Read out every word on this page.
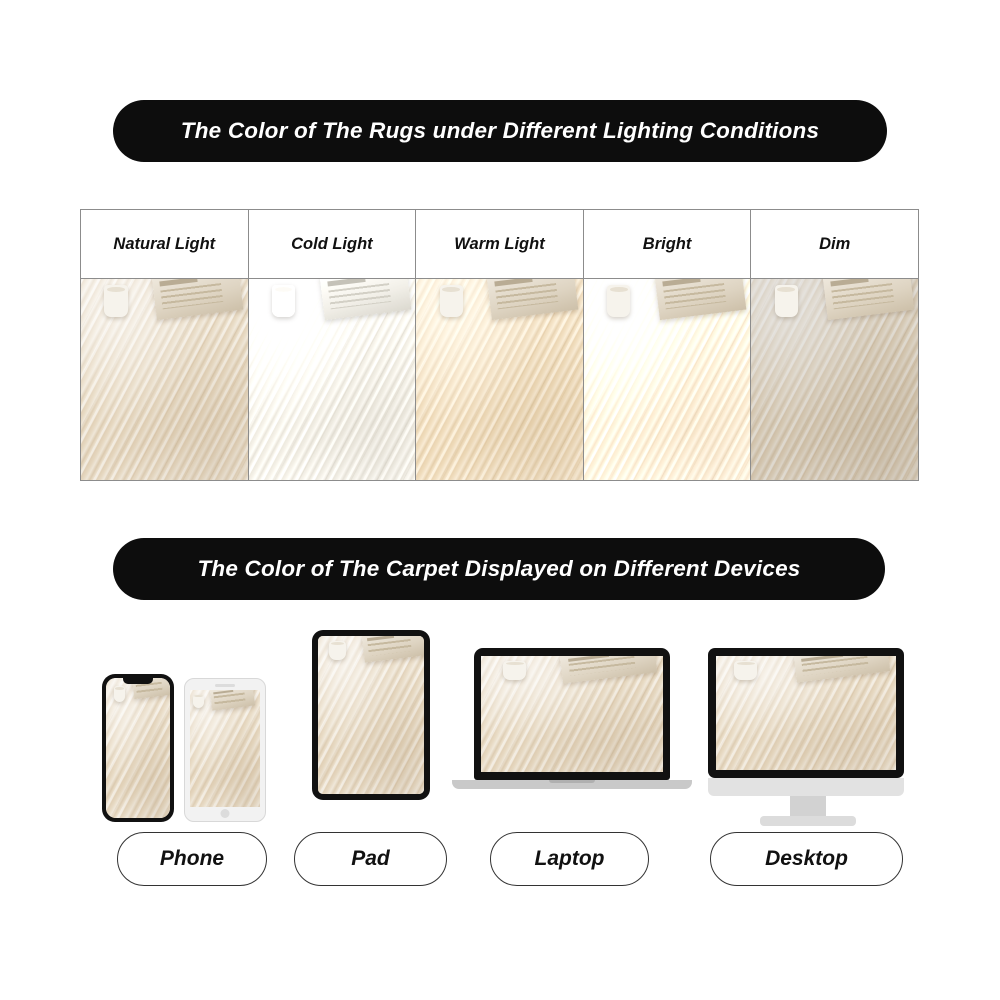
The Color of The Rugs under Different Lighting Conditions
Natural Light	Cold Light	Warm Light	Bright	Dim
The Color of The Carpet Displayed on Different Devices
Phone	Pad	Laptop	Desktop
